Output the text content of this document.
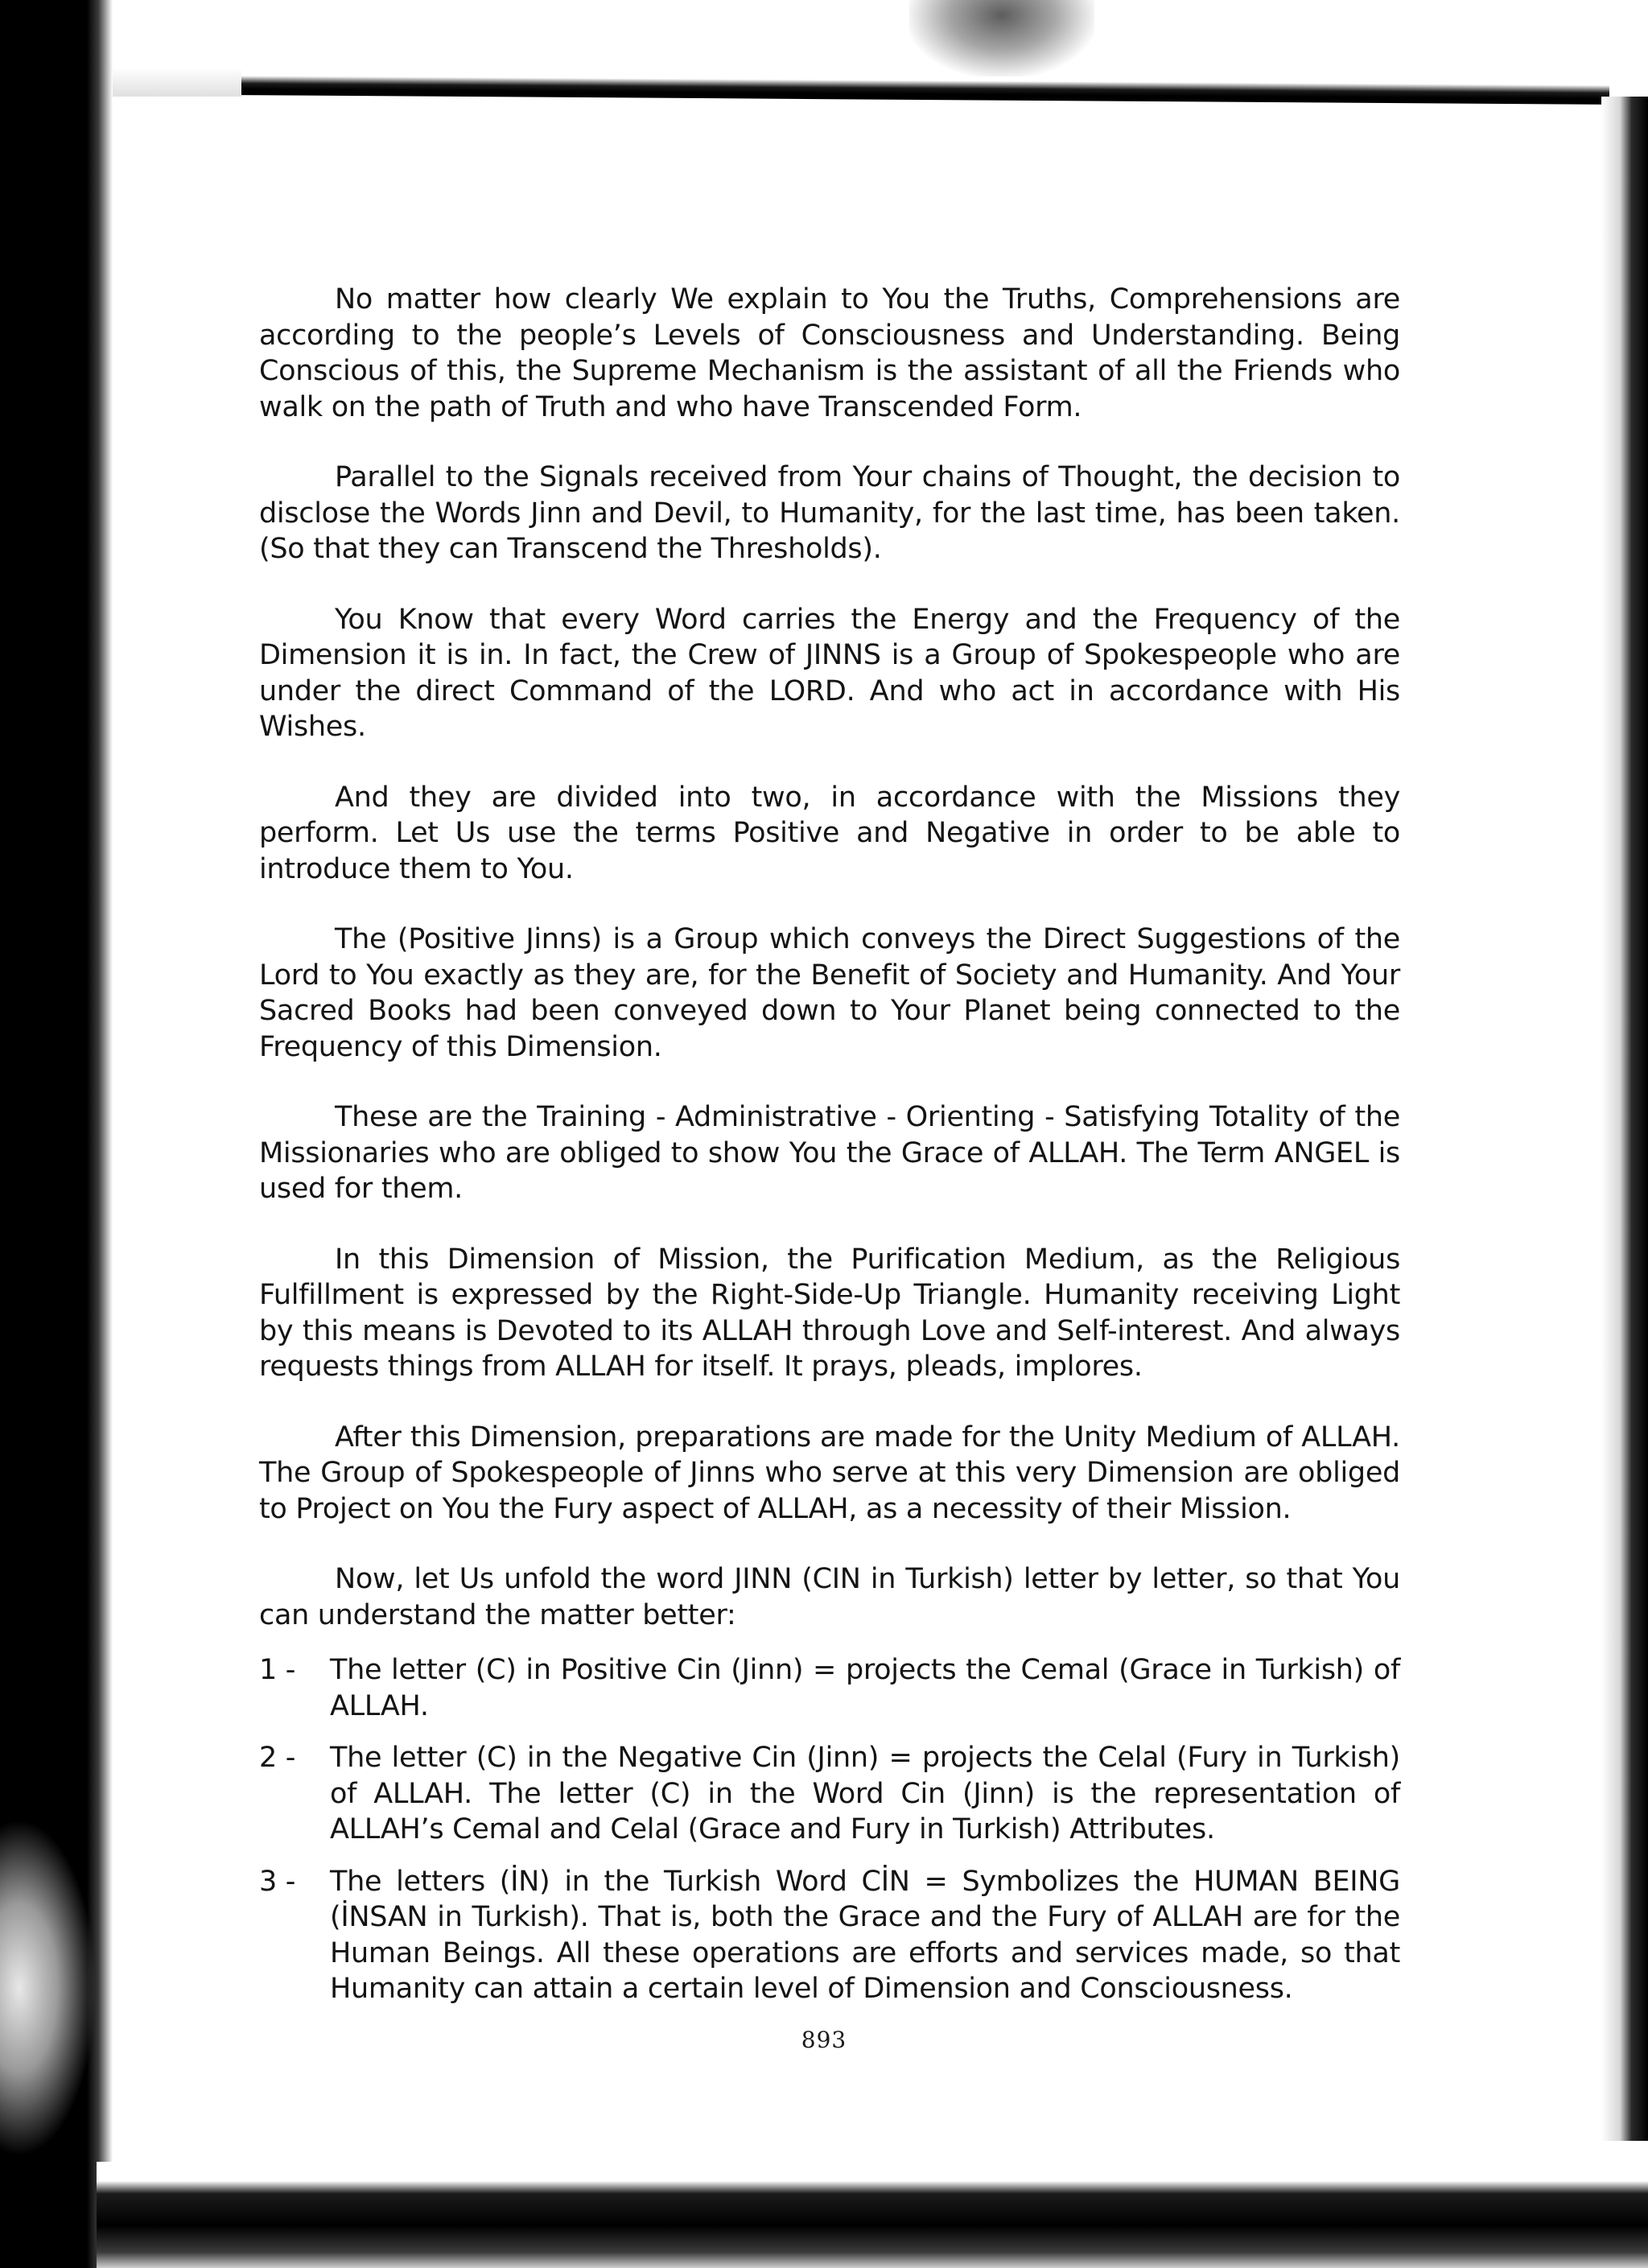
No matter how clearly We explain to You the Truths, Comprehensions are according to the people’s Levels of Consciousness and Understanding. Being Conscious of this, the Supreme Mechanism is the assistant of all the Friends who walk on the path of Truth and who have Transcended Form.

Parallel to the Signals received from Your chains of Thought, the decision to disclose the Words Jinn and Devil, to Humanity, for the last time, has been taken. (So that they can Transcend the Thresholds).

You Know that every Word carries the Energy and the Frequency of the Dimension it is in. In fact, the Crew of JINNS is a Group of Spokespeople who are under the direct Command of the LORD. And who act in accordance with His Wishes.

And they are divided into two, in accordance with the Missions they perform. Let Us use the terms Positive and Negative in order to be able to introduce them to You.

The (Positive Jinns) is a Group which conveys the Direct Suggestions of the Lord to You exactly as they are, for the Benefit of Society and Humanity. And Your Sacred Books had been conveyed down to Your Planet being connected to the Frequency of this Dimension.

These are the Training - Administrative - Orienting - Satisfying Totality of the Missionaries who are obliged to show You the Grace of ALLAH. The Term ANGEL is used for them.

In this Dimension of Mission, the Purification Medium, as the Religious Fulfillment is expressed by the Right-Side-Up Triangle. Humanity receiving Light by this means is Devoted to its ALLAH through Love and Self-interest. And always requests things from ALLAH for itself. It prays, pleads, implores.

After this Dimension, preparations are made for the Unity Medium of ALLAH. The Group of Spokespeople of Jinns who serve at this very Dimension are obliged to Project on You the Fury aspect of ALLAH, as a necessity of their Mission.

Now, let Us unfold the word JINN (CIN in Turkish) letter by letter, so that You can understand the matter better:

1 -	The letter (C) in Positive Cin (Jinn) = projects the Cemal (Grace in Turkish) of ALLAH.
2 -	The letter (C) in the Negative Cin (Jinn) = projects the Celal (Fury in Turkish) of ALLAH. The letter (C) in the Word Cin (Jinn) is the representation of ALLAH’s Cemal and Celal (Grace and Fury in Turkish) Attributes.
3 -	The letters (İN) in the Turkish Word CİN = Symbolizes the HUMAN BEING (İNSAN in Turkish). That is, both the Grace and the Fury of ALLAH are for the Human Beings. All these operations are efforts and services made, so that Humanity can attain a certain level of Dimension and Consciousness.
893
